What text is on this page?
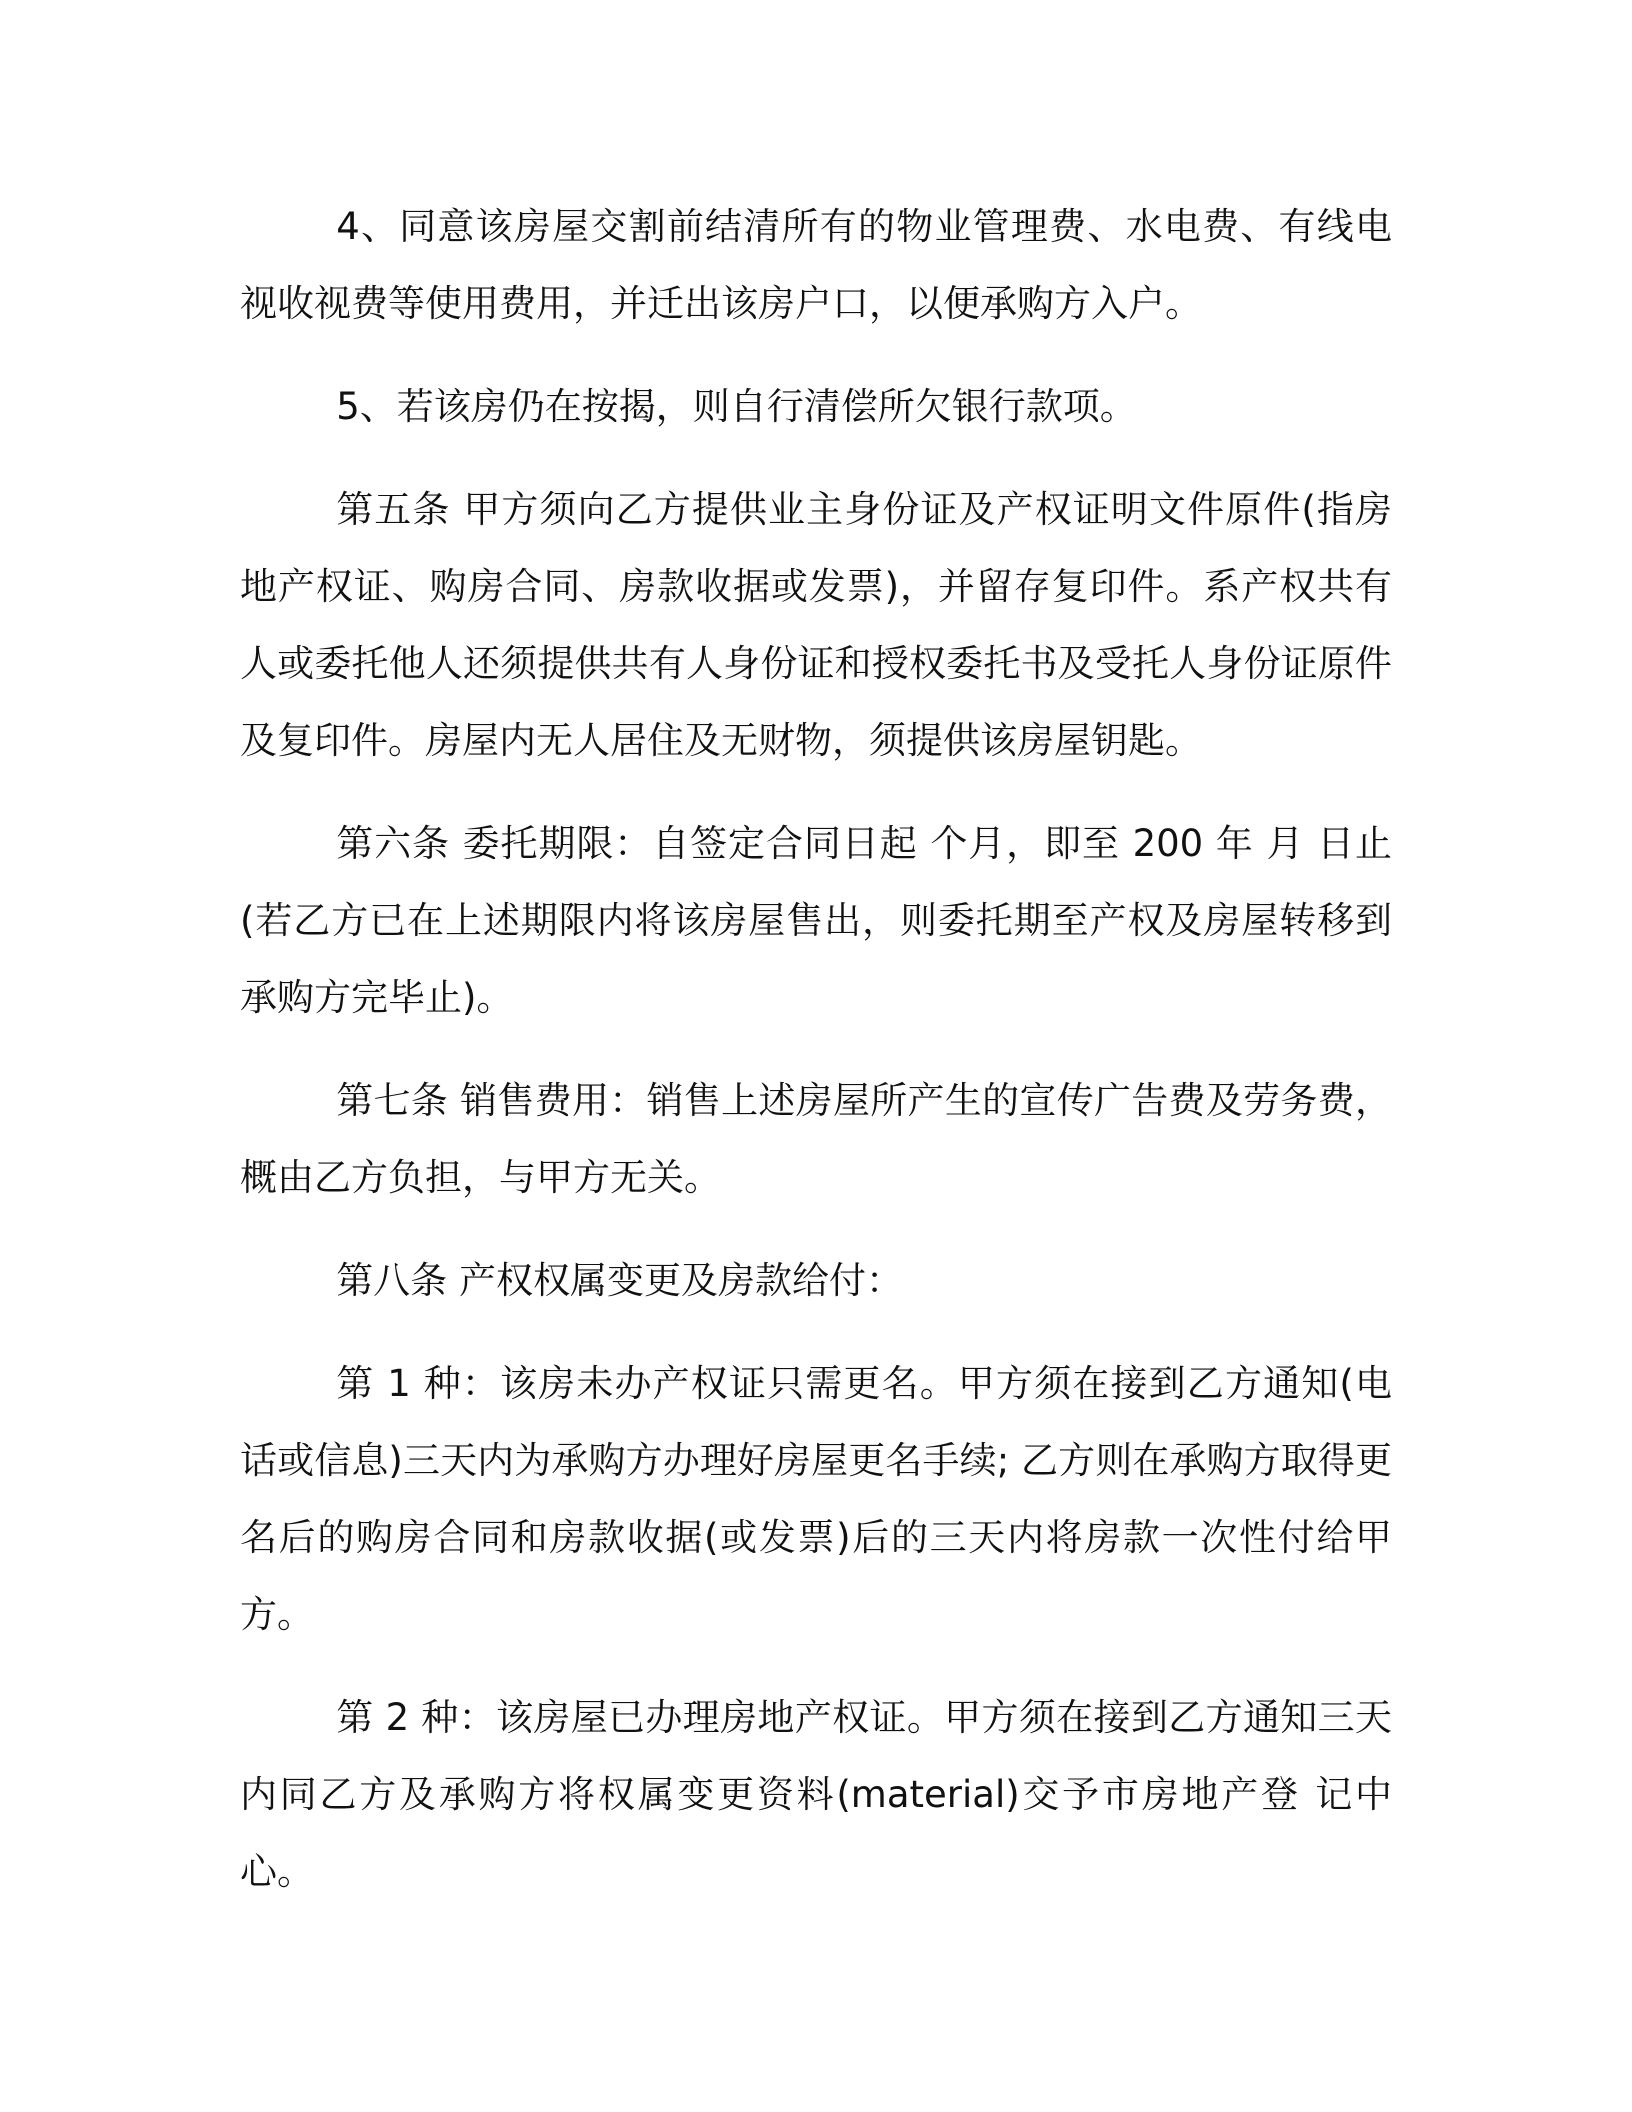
4、同意该房屋交割前结清所有的物业管理费、水电费、有线电视收视费等使用费用，并迁出该房户口，以便承购方入户。

5、若该房仍在按揭，则自行清偿所欠银行款项。

第五条 甲方须向乙方提供业主身份证及产权证明文件原件(指房地产权证、购房合同、房款收据或发票)，并留存复印件。系产权共有人或委托他人还须提供共有人身份证和授权委托书及受托人身份证原件及复印件。房屋内无人居住及无财物，须提供该房屋钥匙。

第六条 委托期限：自签定合同日起 个月，即至 200 年 月 日止(若乙方已在上述期限内将该房屋售出，则委托期至产权及房屋转移到承购方完毕止)。

第七条 销售费用：销售上述房屋所产生的宣传广告费及劳务费，概由乙方负担，与甲方无关。

第八条 产权权属变更及房款给付：

第 1 种：该房未办产权证只需更名。甲方须在接到乙方通知(电话或信息)三天内为承购方办理好房屋更名手续; 乙方则在承购方取得更名后的购房合同和房款收据(或发票)后的三天内将房款一次性付给甲方。

第 2 种：该房屋已办理房地产权证。甲方须在接到乙方通知三天内同乙方及承购方将权属变更资料(material)交予市房地产登 记中心。
